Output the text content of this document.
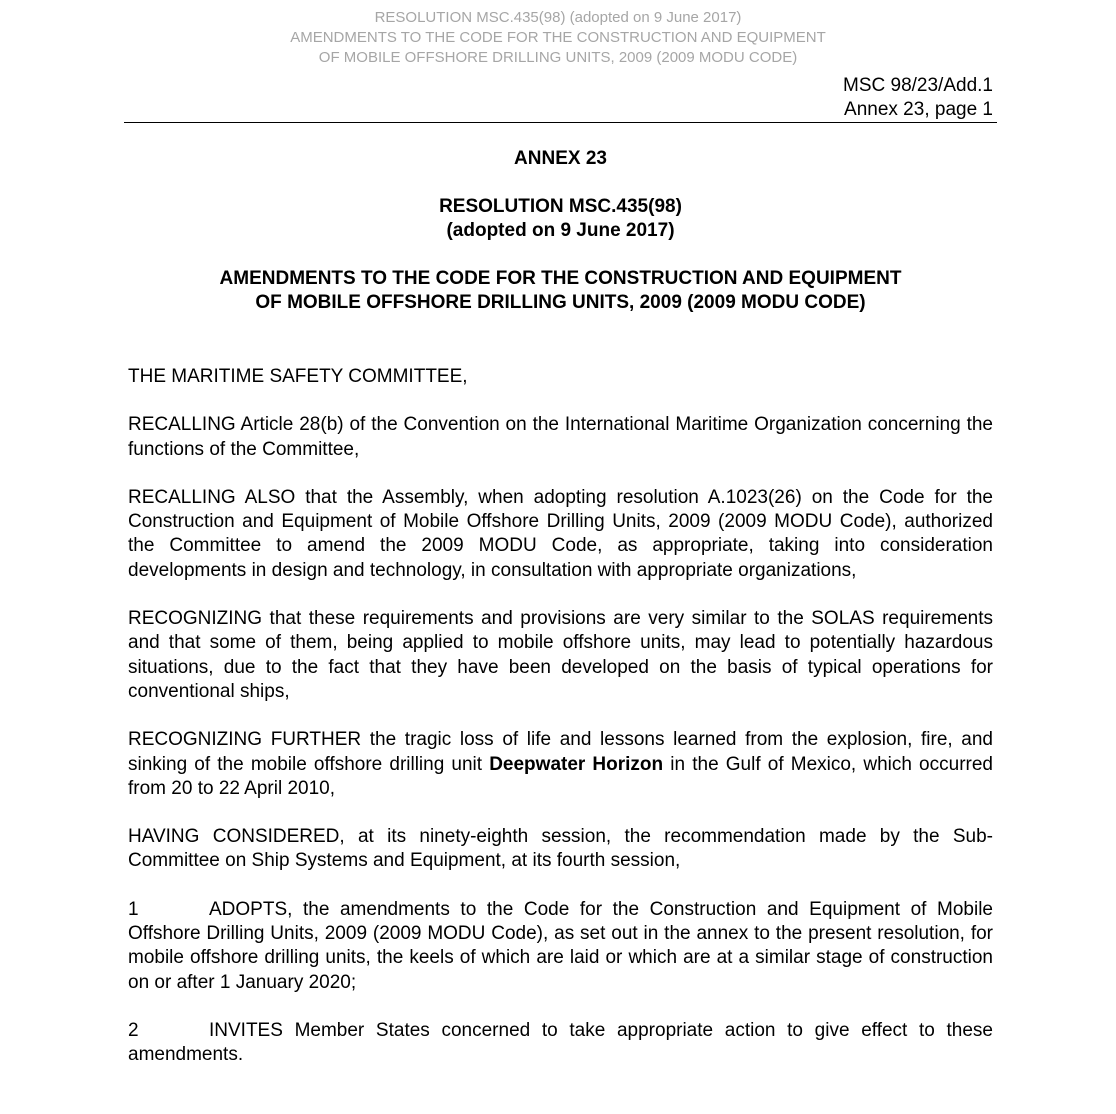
RESOLUTION MSC.435(98) (adopted on 9 June 2017)
AMENDMENTS TO THE CODE FOR THE CONSTRUCTION AND EQUIPMENT
OF MOBILE OFFSHORE DRILLING UNITS, 2009 (2009 MODU CODE)
MSC 98/23/Add.1
Annex 23, page 1
ANNEX 23
RESOLUTION MSC.435(98)
(adopted on 9 June 2017)
AMENDMENTS TO THE CODE FOR THE CONSTRUCTION AND EQUIPMENT
OF MOBILE OFFSHORE DRILLING UNITS, 2009 (2009 MODU CODE)

THE MARITIME SAFETY COMMITTEE,

RECALLING Article 28(b) of the Convention on the International Maritime Organization concerning the functions of the Committee,

RECALLING ALSO that the Assembly, when adopting resolution A.1023(26) on the Code for the Construction and Equipment of Mobile Offshore Drilling Units, 2009 (2009 MODU Code), authorized the Committee to amend the 2009 MODU Code, as appropriate, taking into consideration developments in design and technology, in consultation with appropriate organizations,

RECOGNIZING that these requirements and provisions are very similar to the SOLAS requirements and that some of them, being applied to mobile offshore units, may lead to potentially hazardous situations, due to the fact that they have been developed on the basis of typical operations for conventional ships,

RECOGNIZING FURTHER the tragic loss of life and lessons learned from the explosion, fire, and sinking of the mobile offshore drilling unit Deepwater Horizon in the Gulf of Mexico, which occurred from 20 to 22 April 2010,

HAVING CONSIDERED, at its ninety-eighth session, the recommendation made by the Sub-Committee on Ship Systems and Equipment, at its fourth session,

1	ADOPTS, the amendments to the Code for the Construction and Equipment of Mobile Offshore Drilling Units, 2009 (2009 MODU Code), as set out in the annex to the present resolution, for mobile offshore drilling units, the keels of which are laid or which are at a similar stage of construction on or after 1 January 2020;

2	INVITES Member States concerned to take appropriate action to give effect to these amendments.
